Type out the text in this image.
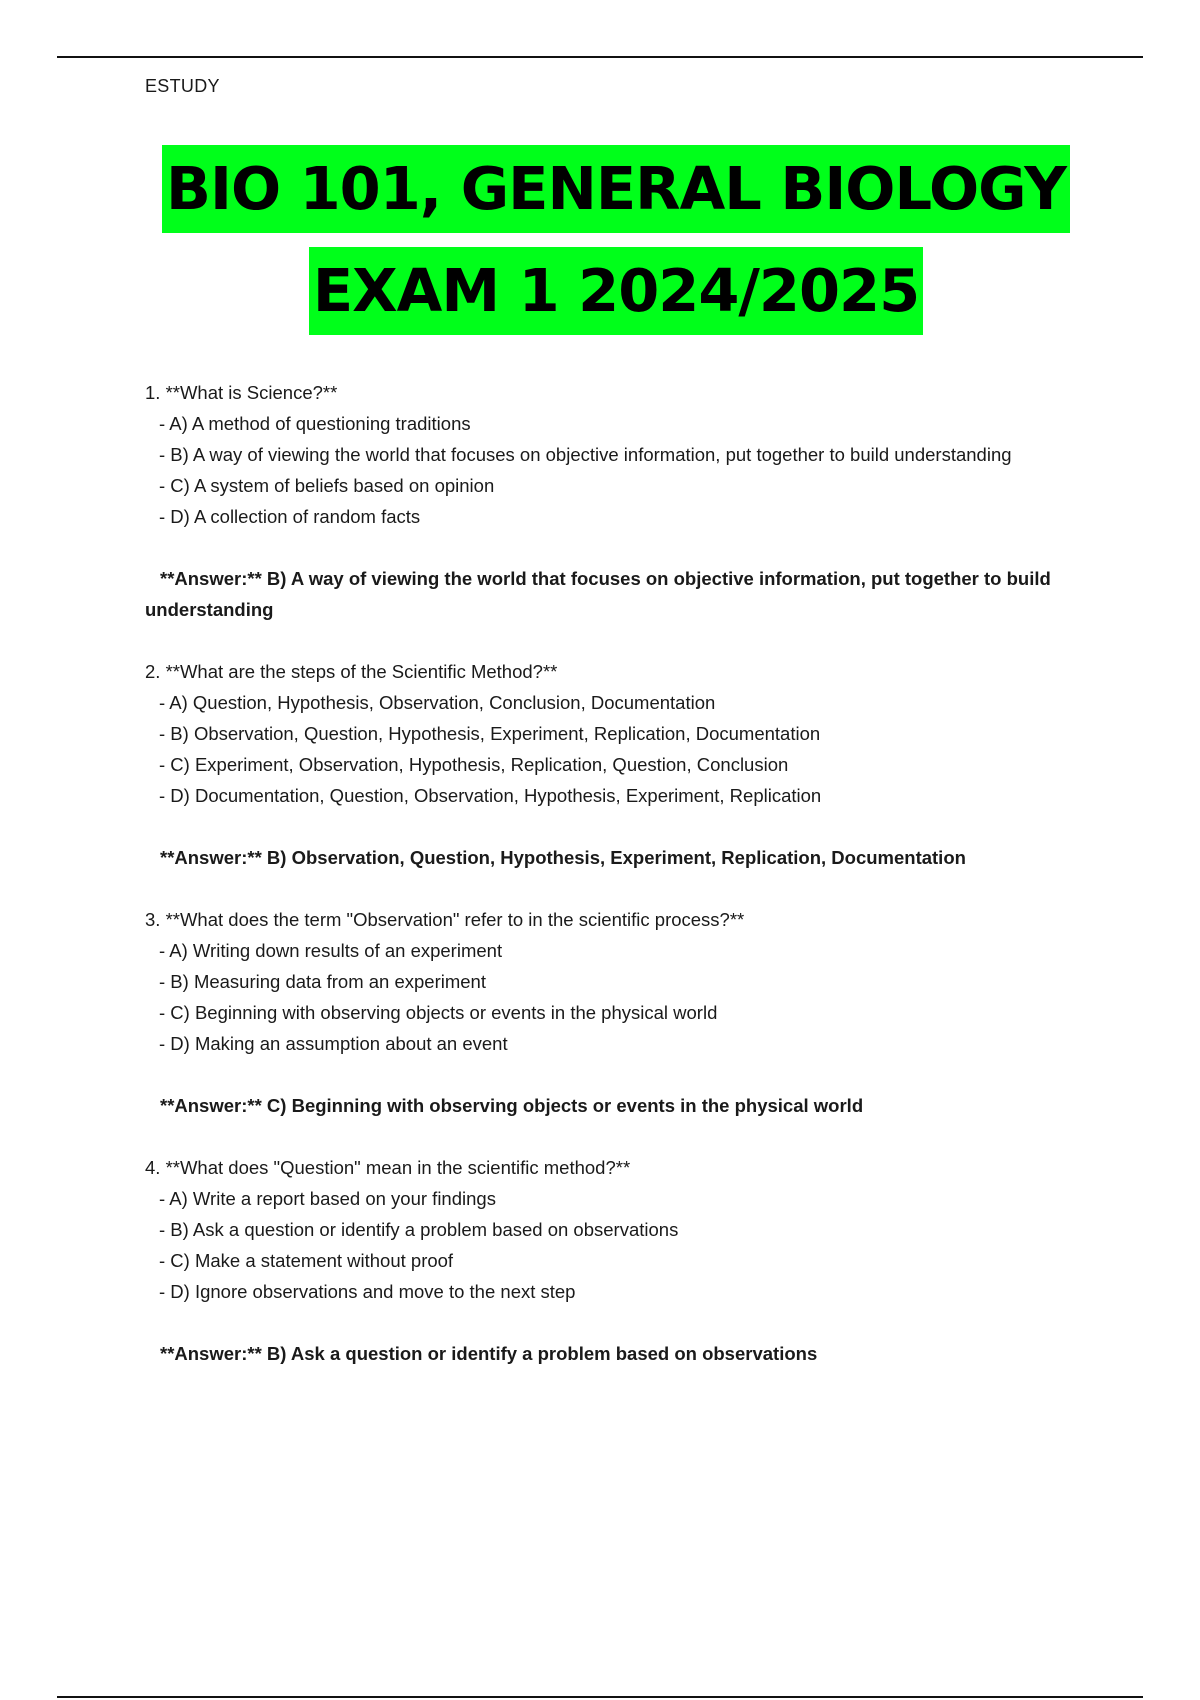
ESTUDY
BIO 101, GENERAL BIOLOGY
EXAM 1 2024/2025
1. **What is Science?**
- A) A method of questioning traditions
- B) A way of viewing the world that focuses on objective information, put together to build understanding
- C) A system of beliefs based on opinion
- D) A collection of random facts
**Answer:** B) A way of viewing the world that focuses on objective information, put together to build understanding
2. **What are the steps of the Scientific Method?**
- A) Question, Hypothesis, Observation, Conclusion, Documentation
- B) Observation, Question, Hypothesis, Experiment, Replication, Documentation
- C) Experiment, Observation, Hypothesis, Replication, Question, Conclusion
- D) Documentation, Question, Observation, Hypothesis, Experiment, Replication
**Answer:** B) Observation, Question, Hypothesis, Experiment, Replication, Documentation
3. **What does the term "Observation" refer to in the scientific process?**
- A) Writing down results of an experiment
- B) Measuring data from an experiment
- C) Beginning with observing objects or events in the physical world
- D) Making an assumption about an event
**Answer:** C) Beginning with observing objects or events in the physical world
4. **What does "Question" mean in the scientific method?**
- A) Write a report based on your findings
- B) Ask a question or identify a problem based on observations
- C) Make a statement without proof
- D) Ignore observations and move to the next step
**Answer:** B) Ask a question or identify a problem based on observations
